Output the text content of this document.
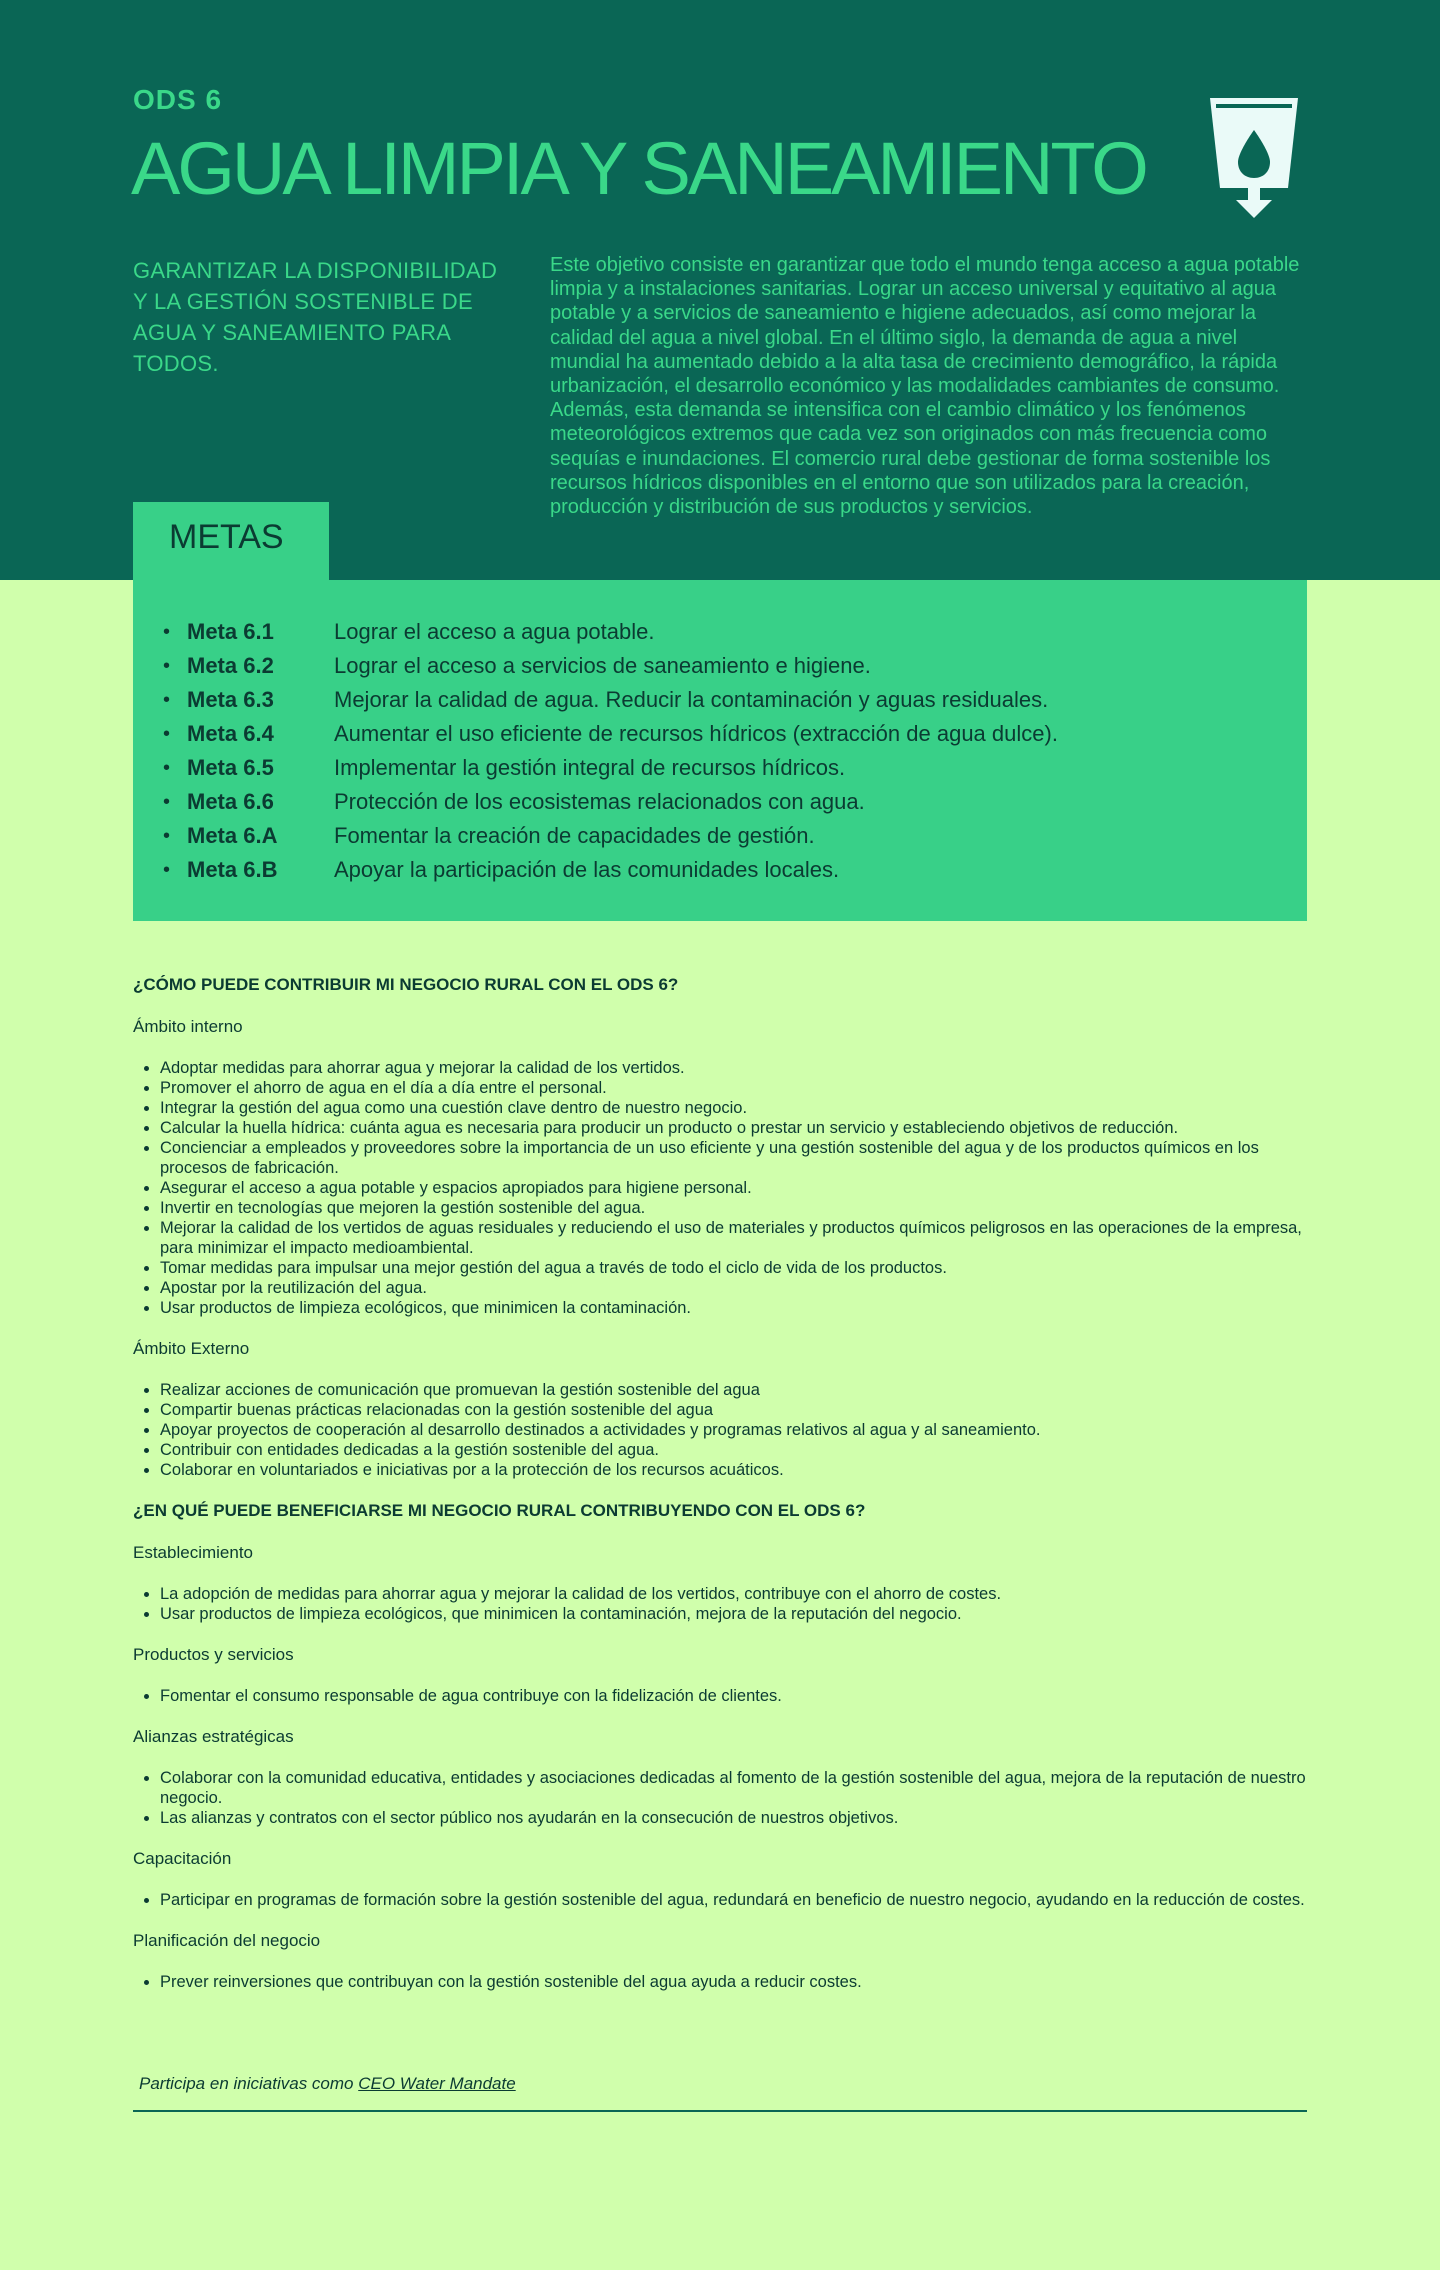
ODS 6
AGUA LIMPIA Y SANEAMIENTO

GARANTIZAR LA DISPONIBILIDAD Y LA GESTIÓN SOSTENIBLE DE AGUA Y SANEAMIENTO PARA TODOS.

Este objetivo consiste en garantizar que todo el mundo tenga acceso a agua potable limpia y a instalaciones sanitarias. Lograr un acceso universal y equitativo al agua potable y a servicios de saneamiento e higiene adecuados, así como mejorar la calidad del agua a nivel global. En el último siglo, la demanda de agua a nivel mundial ha aumentado debido a la alta tasa de crecimiento demográfico, la rápida urbanización, el desarrollo económico y las modalidades cambiantes de consumo. Además, esta demanda se intensifica con el cambio climático y los fenómenos meteorológicos extremos que cada vez son originados con más frecuencia como sequías e inundaciones. El comercio rural debe gestionar de forma sostenible los recursos hídricos disponibles en el entorno que son utilizados para la creación, producción y distribución de sus productos y servicios.

METAS
• Meta 6.1	Lograr el acceso a agua potable.
• Meta 6.2	Lograr el acceso a servicios de saneamiento e higiene.
• Meta 6.3	Mejorar la calidad de agua. Reducir la contaminación y aguas residuales.
• Meta 6.4	Aumentar el uso eficiente de recursos hídricos (extracción de agua dulce).
• Meta 6.5	Implementar la gestión integral de recursos hídricos.
• Meta 6.6	Protección de los ecosistemas relacionados con agua.
• Meta 6.A	Fomentar la creación de capacidades de gestión.
• Meta 6.B	Apoyar la participación de las comunidades locales.
¿CÓMO PUEDE CONTRIBUIR MI NEGOCIO RURAL CON EL ODS 6?
Ámbito interno
• Adoptar medidas para ahorrar agua y mejorar la calidad de los vertidos.
• Promover el ahorro de agua en el día a día entre el personal.
• Integrar la gestión del agua como una cuestión clave dentro de nuestro negocio.
• Calcular la huella hídrica: cuánta agua es necesaria para producir un producto o prestar un servicio y estableciendo objetivos de reducción.
• Concienciar a empleados y proveedores sobre la importancia de un uso eficiente y una gestión sostenible del agua y de los productos químicos en los procesos de fabricación.
• Asegurar el acceso a agua potable y espacios apropiados para higiene personal.
• Invertir en tecnologías que mejoren la gestión sostenible del agua.
• Mejorar la calidad de los vertidos de aguas residuales y reduciendo el uso de materiales y productos químicos peligrosos en las operaciones de la empresa, para minimizar el impacto medioambiental.
• Tomar medidas para impulsar una mejor gestión del agua a través de todo el ciclo de vida de los productos.
• Apostar por la reutilización del agua.
• Usar productos de limpieza ecológicos, que minimicen la contaminación.
Ámbito Externo
• Realizar acciones de comunicación que promuevan la gestión sostenible del agua
• Compartir buenas prácticas relacionadas con la gestión sostenible del agua
• Apoyar proyectos de cooperación al desarrollo destinados a actividades y programas relativos al agua y al saneamiento.
• Contribuir con entidades dedicadas a la gestión sostenible del agua.
• Colaborar en voluntariados e iniciativas por a la protección de los recursos acuáticos.
¿EN QUÉ PUEDE BENEFICIARSE MI NEGOCIO RURAL CONTRIBUYENDO CON EL ODS 6?
Establecimiento
• La adopción de medidas para ahorrar agua y mejorar la calidad de los vertidos, contribuye con el ahorro de costes.
• Usar productos de limpieza ecológicos, que minimicen la contaminación, mejora de la reputación del negocio.
Productos y servicios
• Fomentar el consumo responsable de agua contribuye con la fidelización de clientes.
Alianzas estratégicas
• Colaborar con la comunidad educativa, entidades y asociaciones dedicadas al fomento de la gestión sostenible del agua, mejora de la reputación de nuestro negocio.
• Las alianzas y contratos con el sector público nos ayudarán en la consecución de nuestros objetivos.
Capacitación
• Participar en programas de formación sobre la gestión sostenible del agua, redundará en beneficio de nuestro negocio, ayudando en la reducción de costes.
Planificación del negocio
• Prever reinversiones que contribuyan con la gestión sostenible del agua ayuda a reducir costes.
Participa en iniciativas como CEO Water Mandate
